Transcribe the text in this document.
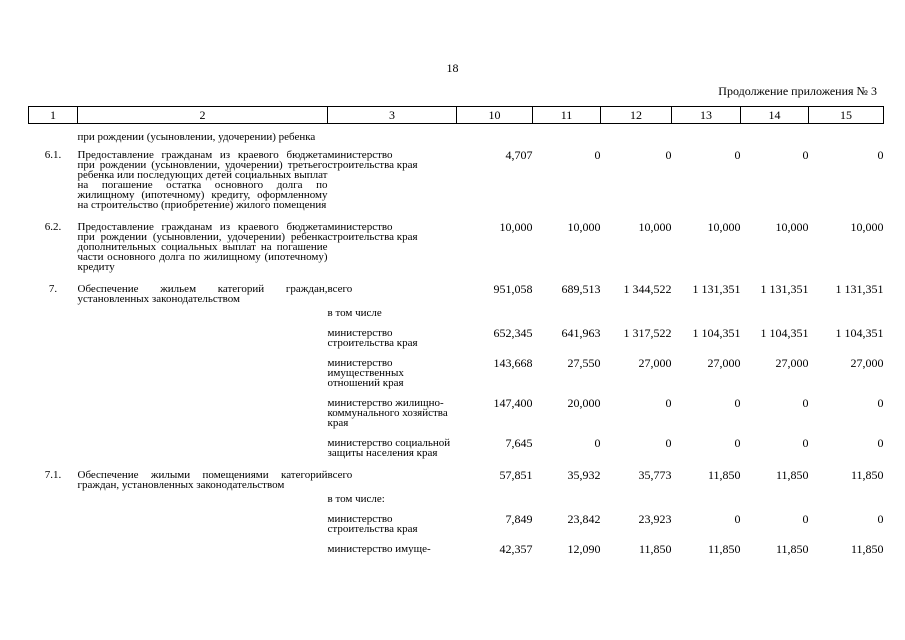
18
Продолжение приложения № 3
1	2	3	10	11	12	13	14	15
	при рождении (усыновлении, удочерении) ребенка							
6.1.	Предоставление гражданам из краевого бюджета при рождении (усыновлении, удочерении) третьего ребенка или последующих детей социальных выплат на погашение остатка основного долга по жилищному (ипотечному) кредиту, оформленному на строительство (приобретение) жилого помещения	министерство строительства края	4,707	0	0	0	0	0
6.2.	Предоставление гражданам из краевого бюджета при рождении (усыновлении, удочерении) ребенка дополнительных социальных выплат на погашение части основного долга по жилищному (ипотечному) кредиту	министерство строительства края	10,000	10,000	10,000	10,000	10,000	10,000
7.	Обеспечение жильем категорий граждан, установленных законодательством	всего	951,058	689,513	1 344,522	1 131,351	1 131,351	1 131,351
		в том числе						
		министерство строительства края	652,345	641,963	1 317,522	1 104,351	1 104,351	1 104,351
		министерство имущественных отношений края	143,668	27,550	27,000	27,000	27,000	27,000
		министерство жилищно-коммунального хозяйства края	147,400	20,000	0	0	0	0
		министерство социальной защиты населения края	7,645	0	0	0	0	0
7.1.	Обеспечение жилыми помещениями категорий граждан, установленных законодательством	всего	57,851	35,932	35,773	11,850	11,850	11,850
		в том числе:						
		министерство строительства края	7,849	23,842	23,923	0	0	0
		министерство имуще-	42,357	12,090	11,850	11,850	11,850	11,850
